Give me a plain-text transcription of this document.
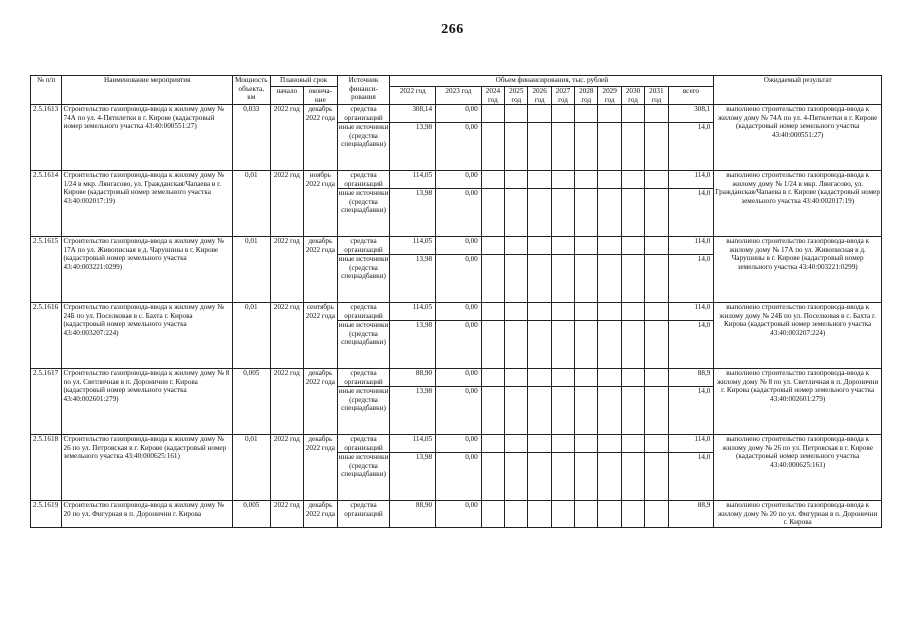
266
№ п/п	Наименование мероприятия	Мощность объекта, км	Плановый срок		Источник финанси-рования	Объем финансирования, тыс. рублей											Ожидаемый результат
			начало	оконча-ние		2022 год	2023 год	2024 год	2025 год	2026 год	2027 год	2028 год	2029 год	2030 год	2031 год	всего	
2.5.1613	Строительство газопровода-ввода к жилому дому № 74А по ул. 4-Пятилетки в г. Кирове (кадастровый номер земельного участка 43:40:000551:27)	0,033	2022 год	декабрь 2022 года	средства организаций	308,14	0,00									308,1	выполнено строительство газопровода-ввода к жилому дому № 74А по ул. 4-Пятилетки в г. Кирове (кадастровый номер земельного участка 43:40:000551:27)
					иные источники (средства спецнадбавки)	13,98	0,00									14,0	
2.5.1614	Строительство газопровода-ввода к жилому дому № 1/24 в мкр. Лянгасово, ул. Гражданская/Чапаева в г. Кирове (кадастровый номер земельного участка 43:40:002017:19)	0,01	2022 год	ноябрь 2022 года	средства организаций	114,05	0,00									114,0	выполнено строительство газопровода-ввода к жилому дому № 1/24 в мкр. Лянгасово, ул. Гражданская/Чапаева в г. Кирове (кадастровый номер земельного участка 43:40:002017:19)
					иные источники (средства спецнадбавки)	13,98	0,00									14,0	
2.5.1615	Строительство газопровода-ввода к жилому дому № 17А по ул. Живописная в д. Чарушины в г. Кирове (кадастровый номер земельного участка 43:40:003221:0299)	0,01	2022 год	декабрь 2022 года	средства организаций	114,05	0,00									114,0	выполнено строительство газопровода-ввода к жилому дому № 17А по ул. Живописная в д. Чарушины в г. Кирове (кадастровый номер земельного участка 43:40:003221:0299)
					иные источники (средства спецнадбавки)	13,98	0,00									14,0	
2.5.1616	Строительство газопровода-ввода к жилому дому № 24Б по ул. Поселковая в с. Бахта г. Кирова (кадастровый номер земельного участка 43:40:003207:224)	0,01	2022 год	сентябрь 2022 года	средства организаций	114,05	0,00									114,0	выполнено строительство газопровода-ввода к жилому дому № 24Б по ул. Поселковая в с. Бахта г. Кирова (кадастровый номер земельного участка 43:40:003207:224)
					иные источники (средства спецнадбавки)	13,98	0,00									14,0	
2.5.1617	Строительство газопровода-ввода к жилому дому № 8 по ул. Светличная в п. Доронични г. Кирова (кадастровый номер земельного участка 43:40:002601:279)	0,005	2022 год	декабрь 2022 года	средства организаций	88,90	0,00									88,9	выполнено строительство газопровода-ввода к жилому дому № 8 по ул. Светличная в п. Доронични г. Кирова (кадастровый номер земельного участка 43:40:002601:279)
					иные источники (средства спецнадбавки)	13,98	0,00									14,0	
2.5.1618	Строительство газопровода-ввода к жилому дому № 26 по ул. Петровская в г. Кирове (кадастровый номер земельного участка 43:40:000625:161)	0,01	2022 год	декабрь 2022 года	средства организаций	114,05	0,00									114,0	выполнено строительство газопровода-ввода к жилому дому № 26 по ул. Петровская в г. Кирове (кадастровый номер земельного участка 43:40:000625:161)
					иные источники (средства спецнадбавки)	13,98	0,00									14,0	
2.5.1619	Строительство газопровода-ввода к жилому дому № 20 по ул. Фигурная в п. Доронични г. Кирова	0,005	2022 год	декабрь 2022 года	средства организаций	88,90	0,00									88,9	выполнено строительство газопровода-ввода к жилому дому № 20 по ул. Фигурная в п. Доронични г. Кирова
